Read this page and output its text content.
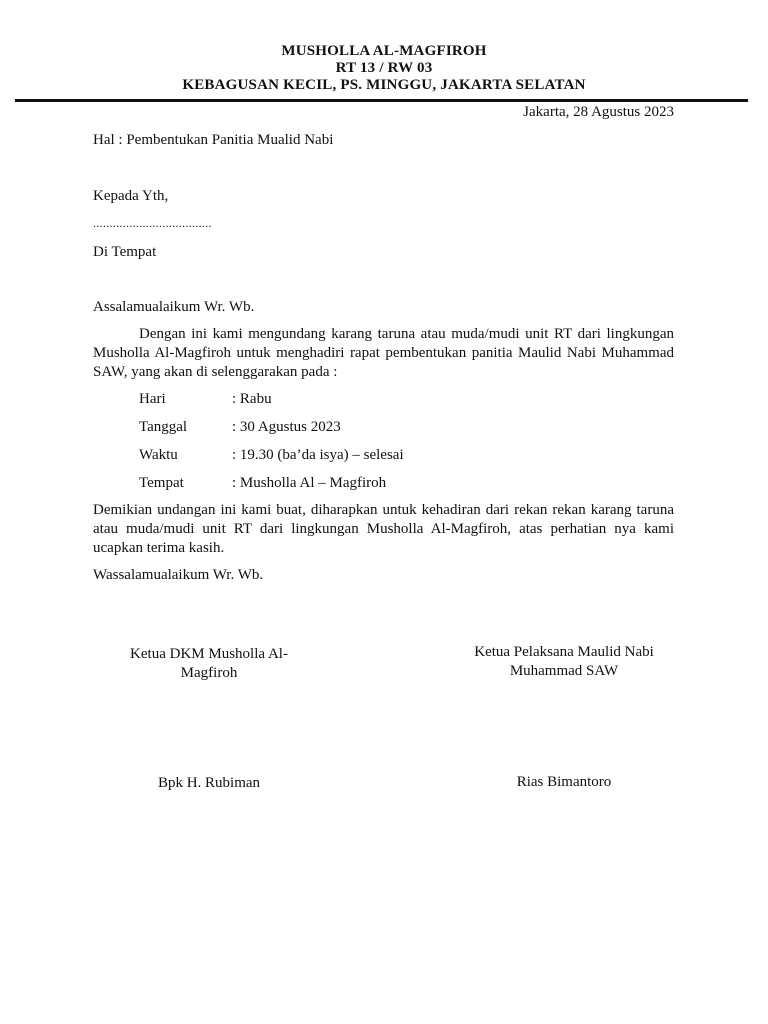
MUSHOLLA AL-MAGFIROH
RT 13 / RW 03
KEBAGUSAN KECIL, PS. MINGGU, JAKARTA SELATAN
Jakarta, 28 Agustus 2023
Hal : Pembentukan Panitia Mualid Nabi
Kepada Yth,
....................................
Di Tempat
Assalamualaikum Wr. Wb.
Dengan ini kami mengundang karang taruna atau muda/mudi unit RT dari lingkungan Musholla Al-Magfiroh untuk menghadiri rapat pembentukan panitia Maulid Nabi Muhammad SAW, yang akan di selenggarakan pada :
Hari	: Rabu
Tanggal	: 30 Agustus 2023
Waktu	: 19.30 (ba’da isya) – selesai
Tempat	: Musholla Al – Magfiroh
Demikian undangan ini kami buat, diharapkan untuk kehadiran dari rekan rekan karang taruna atau muda/mudi unit RT dari lingkungan Musholla Al-Magfiroh, atas perhatian nya kami ucapkan terima kasih.
Wassalamualaikum Wr. Wb.
Ketua DKM Musholla Al-
Magfiroh
Bpk H. Rubiman
Ketua Pelaksana Maulid Nabi
Muhammad SAW
Rias Bimantoro
